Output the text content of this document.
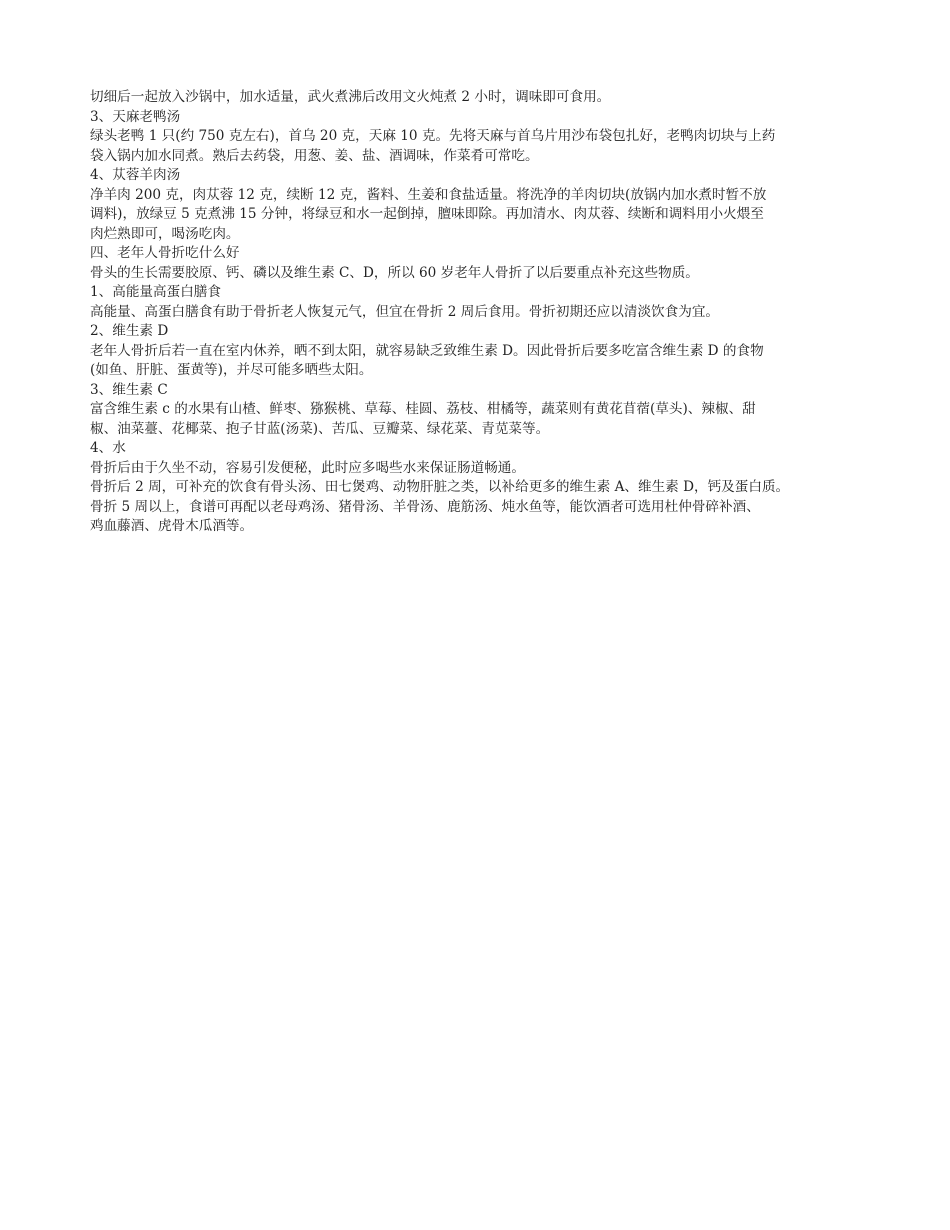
切细后一起放入沙锅中，加水适量，武火煮沸后改用文火炖煮 2 小时，调味即可食用。
3、天麻老鸭汤
绿头老鸭 1 只(约 750 克左右)，首乌 20 克，天麻 10 克。先将天麻与首乌片用沙布袋包扎好，老鸭肉切块与上药
袋入锅内加水同煮。熟后去药袋，用葱、姜、盐、酒调味，作菜肴可常吃。
4、苁蓉羊肉汤
净羊肉 200 克，肉苁蓉 12 克，续断 12 克，酱料、生姜和食盐适量。将洗净的羊肉切块(放锅内加水煮时暂不放
调料)，放绿豆 5 克煮沸 15 分钟，将绿豆和水一起倒掉，膻味即除。再加清水、肉苁蓉、续断和调料用小火煨至
肉烂熟即可，喝汤吃肉。
四、老年人骨折吃什么好
骨头的生长需要胶原、钙、磷以及维生素 C、D，所以 60 岁老年人骨折了以后要重点补充这些物质。
1、高能量高蛋白膳食
高能量、高蛋白膳食有助于骨折老人恢复元气，但宜在骨折 2 周后食用。骨折初期还应以清淡饮食为宜。
2、维生素 D
老年人骨折后若一直在室内休养，晒不到太阳，就容易缺乏致维生素 D。因此骨折后要多吃富含维生素 D 的食物
(如鱼、肝脏、蛋黄等)，并尽可能多晒些太阳。
3、维生素 C
富含维生素 c 的水果有山楂、鲜枣、猕猴桃、草莓、桂圆、荔枝、柑橘等，蔬菜则有黄花苜蓿(草头)、辣椒、甜
椒、油菜薹、花椰菜、抱子甘蓝(汤菜)、苦瓜、豆瓣菜、绿花菜、青苋菜等。
4、水
骨折后由于久坐不动，容易引发便秘，此时应多喝些水来保证肠道畅通。
骨折后 2 周，可补充的饮食有骨头汤、田七煲鸡、动物肝脏之类，以补给更多的维生素 A、维生素 D，钙及蛋白质。
骨折 5 周以上，食谱可再配以老母鸡汤、猪骨汤、羊骨汤、鹿筋汤、炖水鱼等，能饮酒者可选用杜仲骨碎补酒、
鸡血藤酒、虎骨木瓜酒等。
